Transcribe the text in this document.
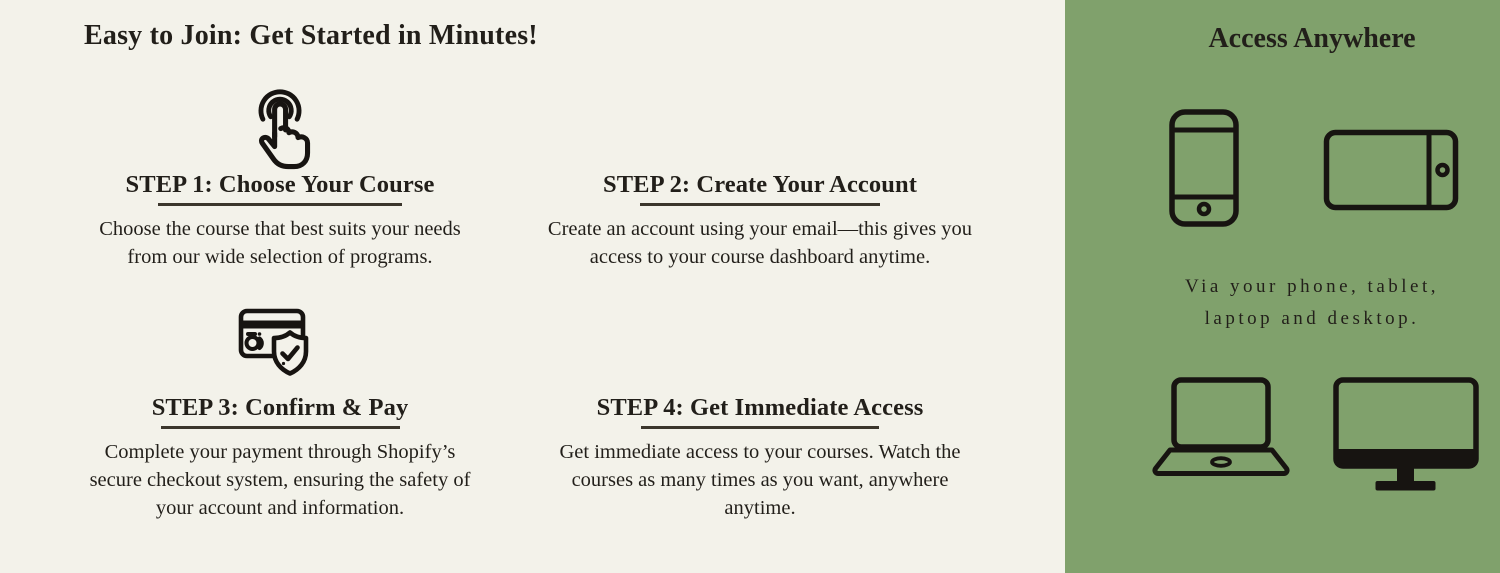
Easy to Join: Get Started in Minutes!
STEP 1: Choose Your Course
Choose the course that best suits your needs
from our wide selection of programs.
STEP 2: Create Your Account
Create an account using your email—this gives you
access to your course dashboard anytime.
STEP 3: Confirm & Pay
Complete your payment through Shopify’s
secure checkout system, ensuring the safety of
your account and information.
STEP 4: Get Immediate Access
Get immediate access to your courses. Watch the
courses as many times as you want, anywhere
anytime.
Access Anywhere
Via your phone, tablet,
laptop and desktop.
